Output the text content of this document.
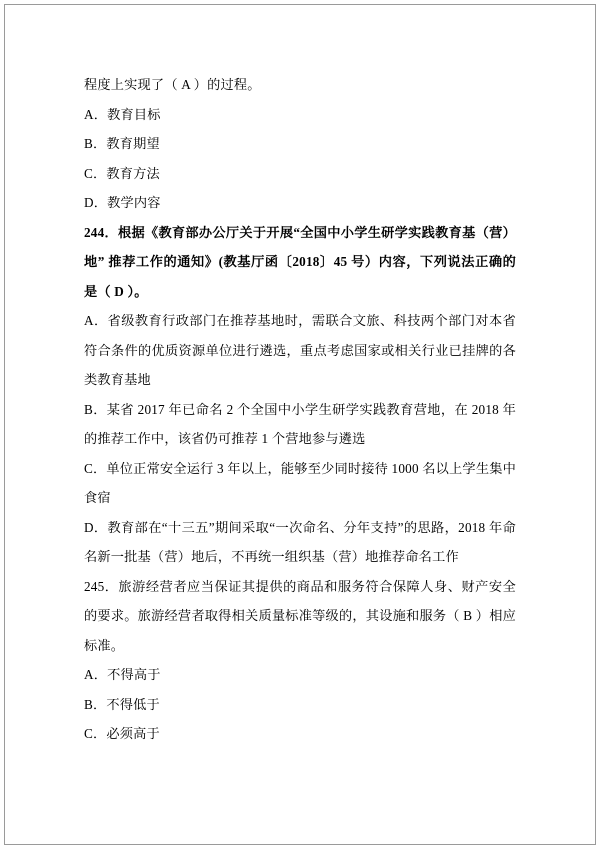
程度上实现了（ A ）的过程。

A．教育目标

B．教育期望

C．教育方法

D．教学内容

244．根据《教育部办公厅关于开展“全国中小学生研学实践教育基（营）地” 推荐工作的通知》(教基厅函〔2018〕45 号）内容，下列说法正确的是（ D ）。

A．省级教育行政部门在推荐基地时，需联合文旅、科技两个部门对本省符合条件的优质资源单位进行遴选，重点考虑国家或相关行业已挂牌的各类教育基地

B．某省 2017 年已命名 2 个全国中小学生研学实践教育营地，在 2018 年的推荐工作中，该省仍可推荐 1 个营地参与遴选

C．单位正常安全运行 3 年以上，能够至少同时接待 1000 名以上学生集中食宿

D．教育部在“十三五”期间采取“一次命名、分年支持”的思路，2018 年命名新一批基（营）地后，不再统一组织基（营）地推荐命名工作

245．旅游经营者应当保证其提供的商品和服务符合保障人身、财产安全的要求。旅游经营者取得相关质量标准等级的，其设施和服务（ B ）相应标准。

A．不得高于

B．不得低于

C．必须高于
